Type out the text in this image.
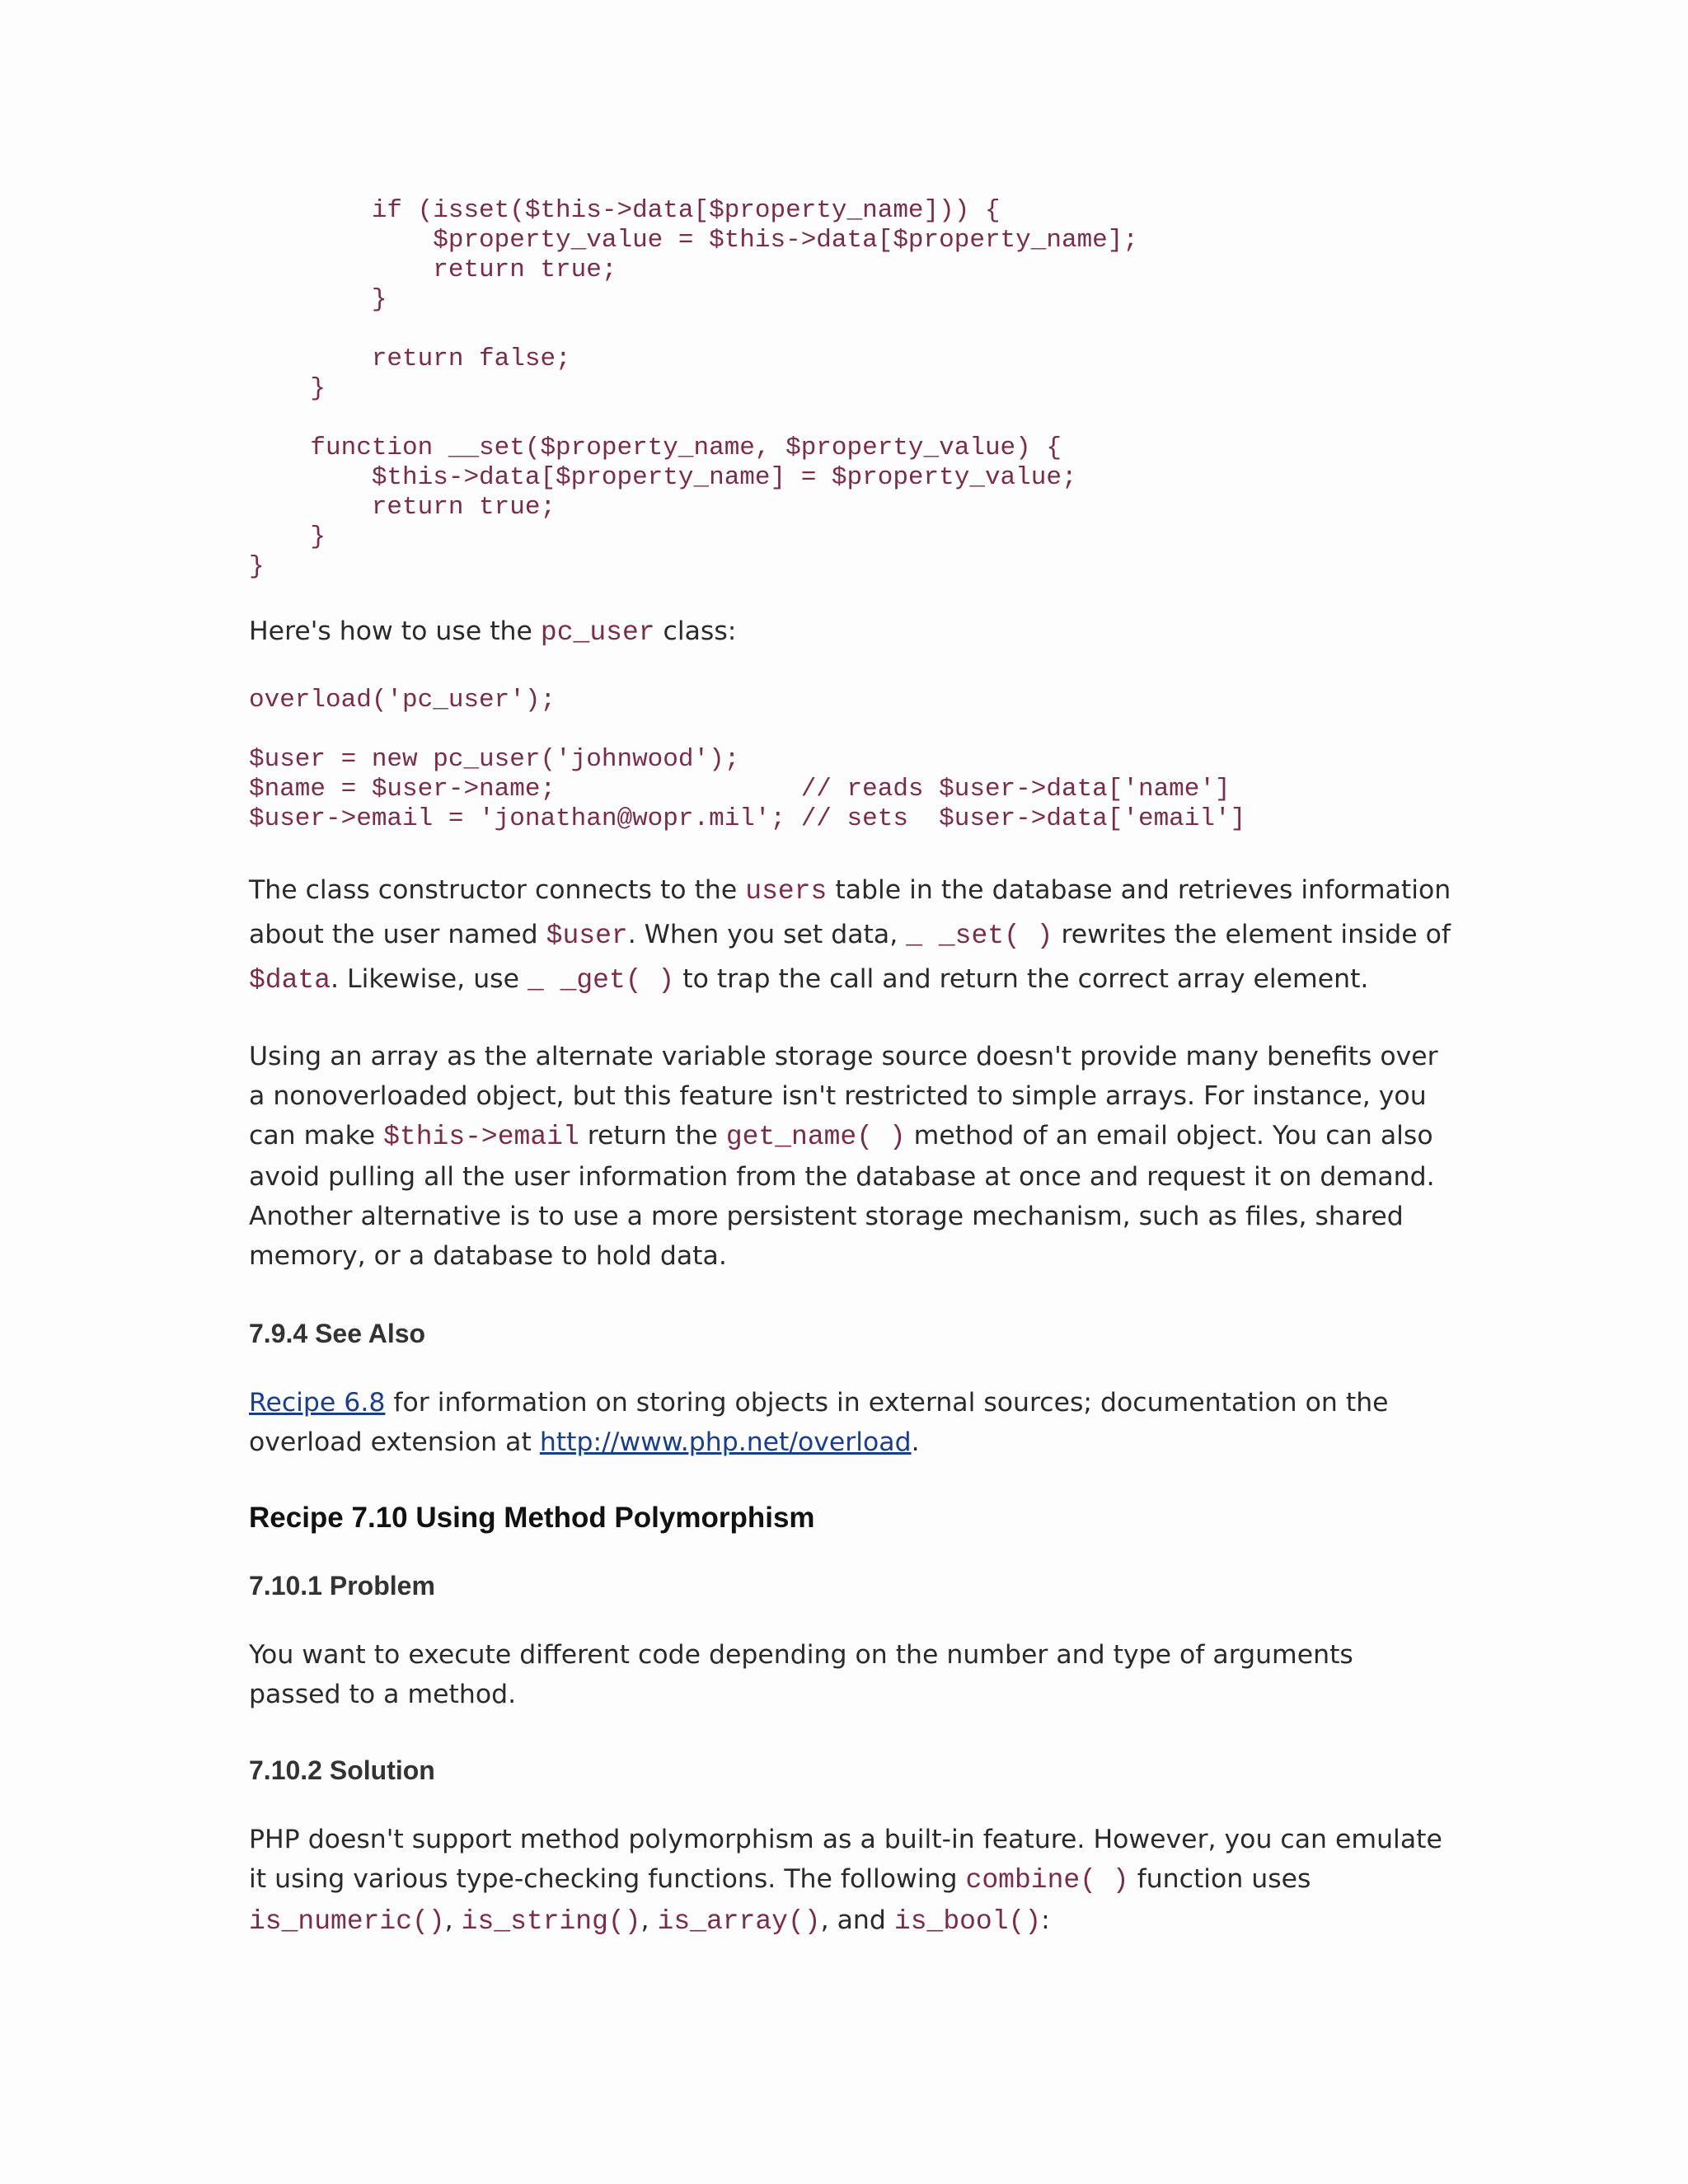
if (isset($this->data[$property_name])) {
$property_value = $this->data[$property_name];
return true;
}
return false;
}
function __set($property_name, $property_value) {
$this->data[$property_name] = $property_value;
return true;
}
}

Here's how to use the pc_user class:

overload('pc_user');
$user = new pc_user('johnwood');
$name = $user->name;                // reads $user->data['name']
$user->email = 'jonathan@wopr.mil'; // sets  $user->data['email']

The class constructor connects to the users table in the database and retrieves information about the user named $user. When you set data, _ _set( ) rewrites the element inside of $data. Likewise, use _ _get( ) to trap the call and return the correct array element.

Using an array as the alternate variable storage source doesn't provide many benefits over a nonoverloaded object, but this feature isn't restricted to simple arrays. For instance, you can make $this->email return the get_name( ) method of an email object. You can also avoid pulling all the user information from the database at once and request it on demand. Another alternative is to use a more persistent storage mechanism, such as files, shared memory, or a database to hold data.

7.9.4 See Also

Recipe 6.8 for information on storing objects in external sources; documentation on the overload extension at http://www.php.net/overload.

Recipe 7.10 Using Method Polymorphism
7.10.1 Problem

You want to execute different code depending on the number and type of arguments passed to a method.

7.10.2 Solution

PHP doesn't support method polymorphism as a built-in feature. However, you can emulate it using various type-checking functions. The following combine( ) function uses is_numeric(), is_string(), is_array(), and is_bool():
